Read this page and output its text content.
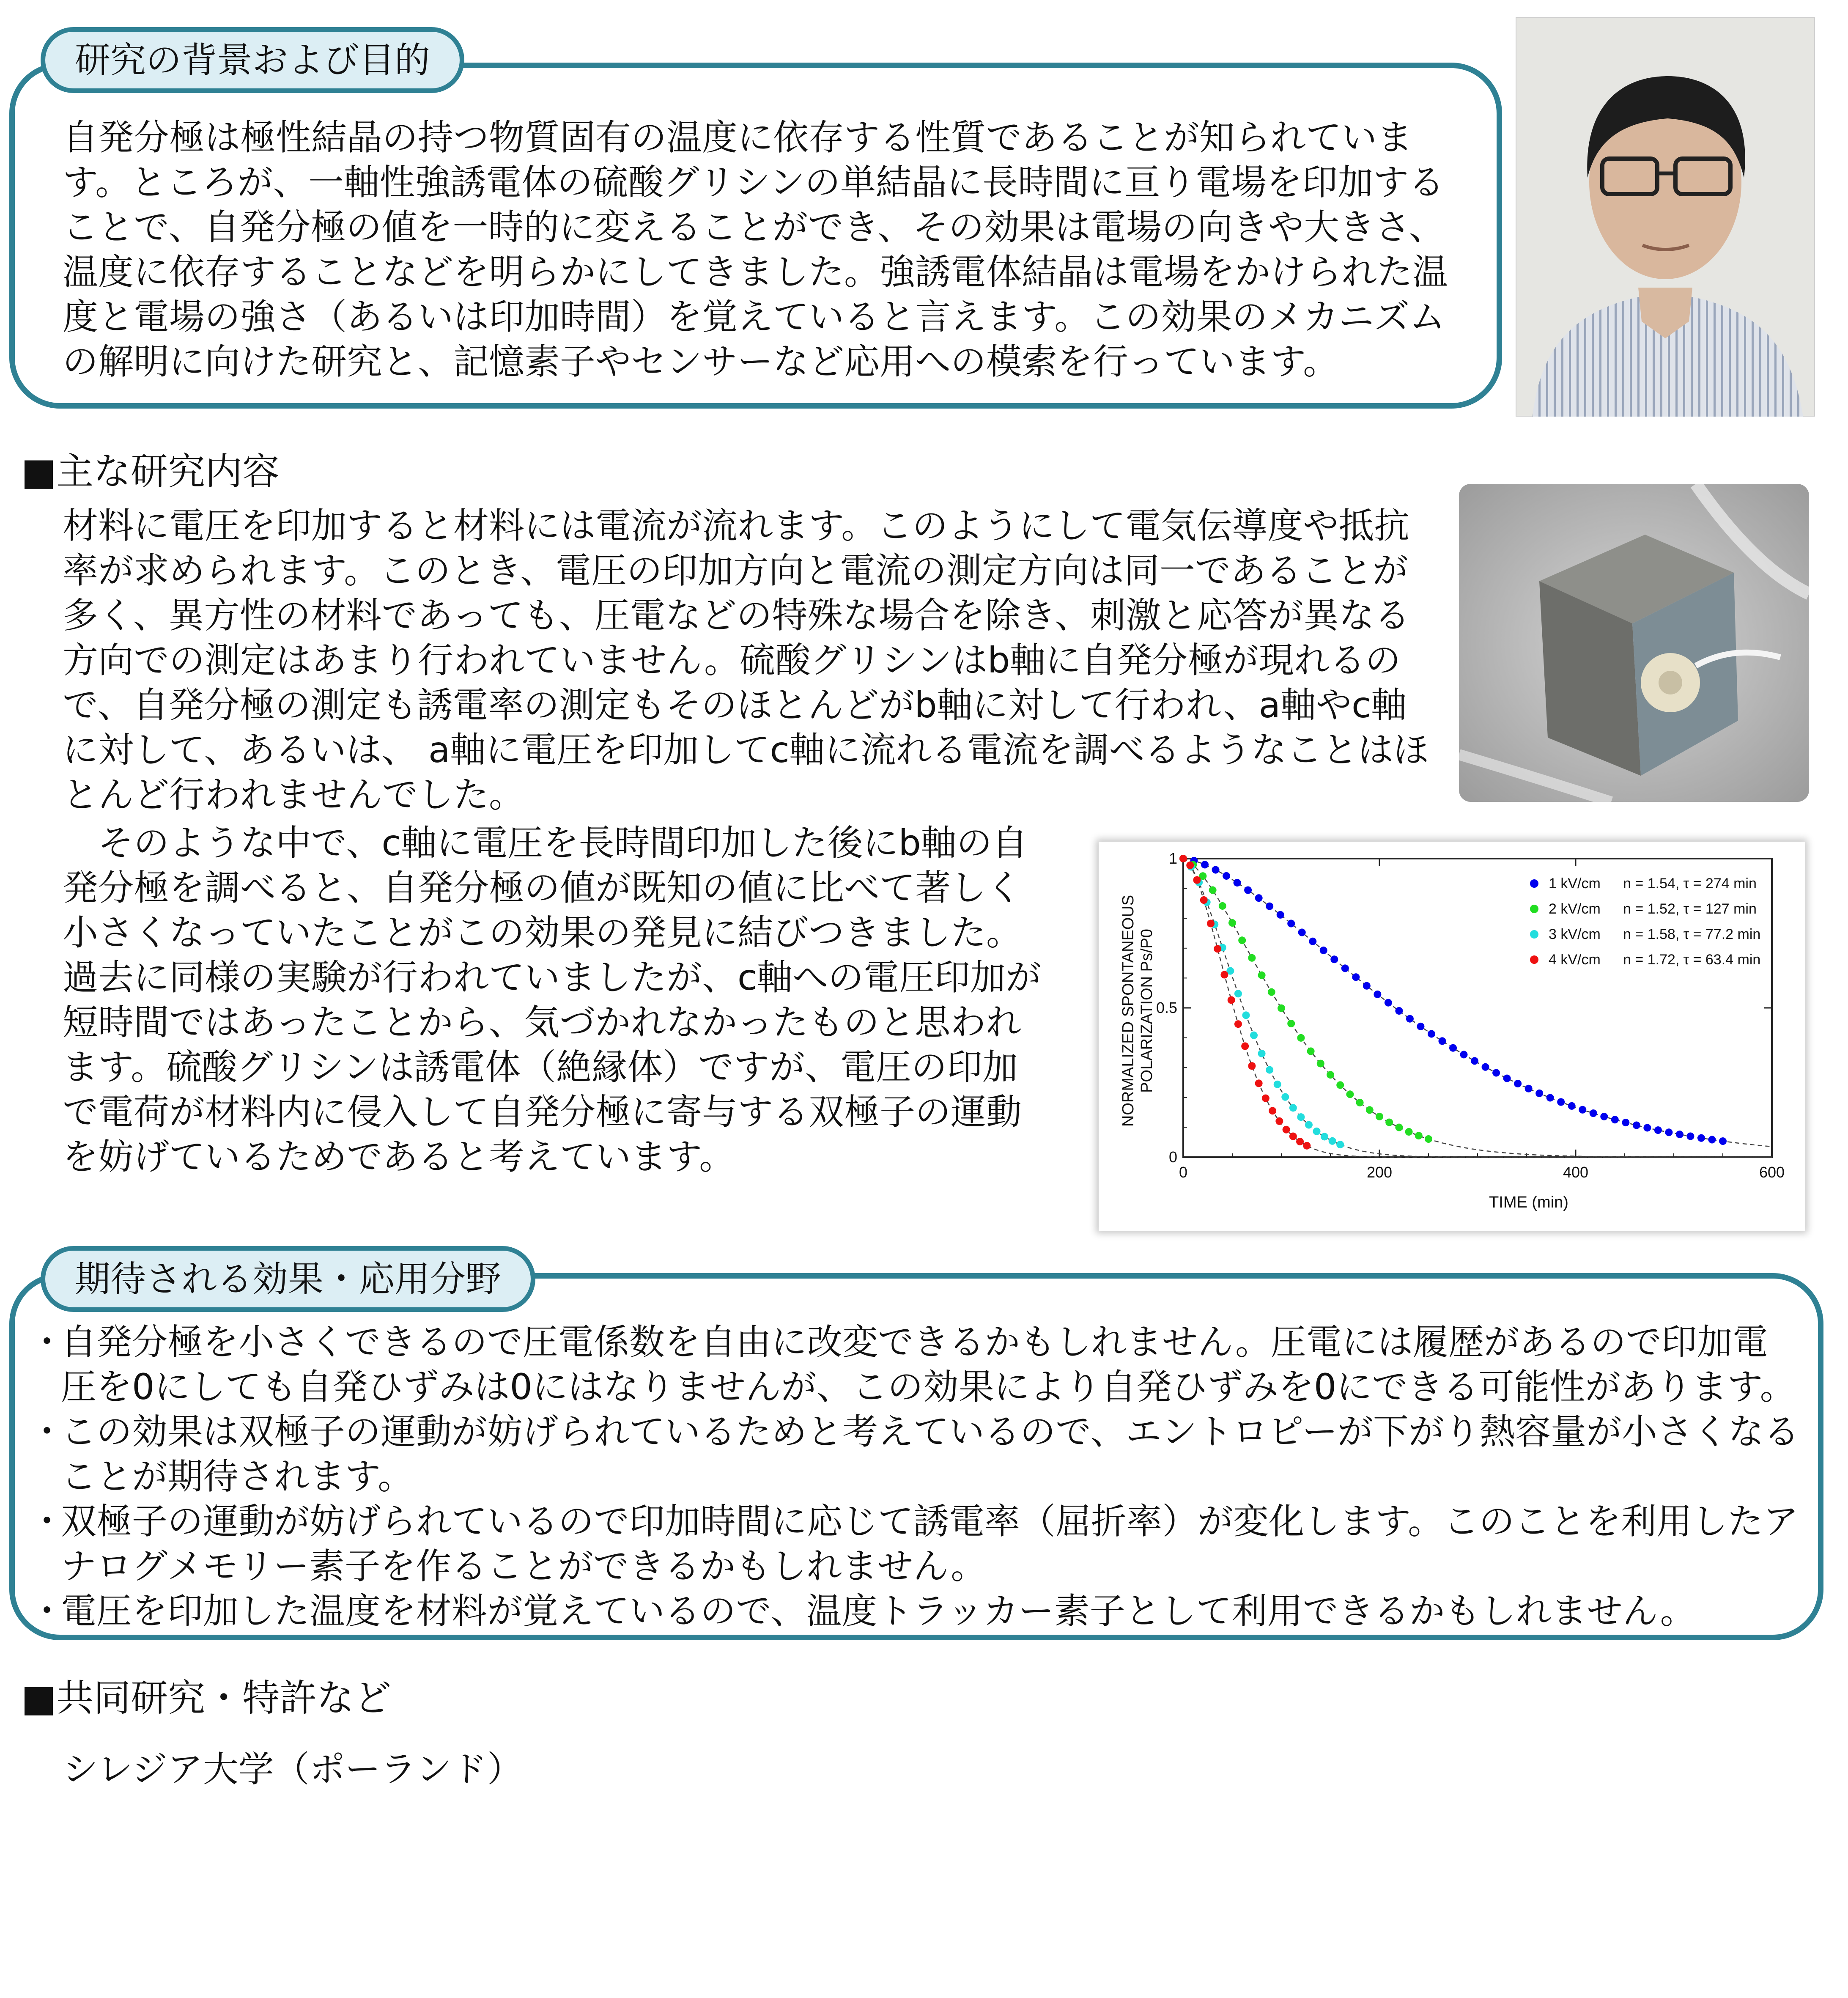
研究の背景および目的

自発分極は極性結晶の持つ物質固有の温度に依存する性質であることが知られています。ところが、一軸性強誘電体の硫酸グリシンの単結晶に長時間に亘り電場を印加することで、自発分極の値を一時的に変えることができ、その効果は電場の向きや大きさ、温度に依存することなどを明らかにしてきました。強誘電体結晶は電場をかけられた温度と電場の強さ（あるいは印加時間）を覚えていると言えます。この効果のメカニズムの解明に向けた研究と、記憶素子やセンサーなど応用への模索を行っています。

■主な研究内容

材料に電圧を印加すると材料には電流が流れます。このようにして電気伝導度や抵抗率が求められます。このとき、電圧の印加方向と電流の測定方向は同一であることが多く、異方性の材料であっても、圧電などの特殊な場合を除き、刺激と応答が異なる方向での測定はあまり行われていません。硫酸グリシンはb軸に自発分極が現れるので、自発分極の測定も誘電率の測定もそのほとんどがb軸に対して行われ、a軸やc軸に対して、あるいは、 a軸に電圧を印加してc軸に流れる電流を調べるようなことはほとんど行われませんでした。

　そのような中で、c軸に電圧を長時間印加した後にb軸の自発分極を調べると、自発分極の値が既知の値に比べて著しく小さくなっていたことがこの効果の発見に結びつきました。過去に同様の実験が行われていましたが、c軸への電圧印加が短時間ではあったことから、気づかれなかったものと思われます。硫酸グリシンは誘電体（絶縁体）ですが、電圧の印加で電荷が材料内に侵入して自発分極に寄与する双極子の運動を妨げているためであると考えています。	0	200	400	600
0
0.5
1
1 kV/cm n = 1.54, τ = 274 min
2 kV/cm n = 1.52, τ = 127 min
3 kV/cm n = 1.58, τ = 77.2 min
4 kV/cm n = 1.72, τ = 63.4 min
TIME (min)
NORMALIZED SPONTANEOUS POLARIZATION Ps/P0
期待される効果・応用分野
･ 自発分極を小さくできるので圧電係数を自由に改変できるかもしれません。圧電には履歴があるので印加電圧を0にしても自発ひずみは0にはなりませんが、この効果により自発ひずみを0にできる可能性があります。
･ この効果は双極子の運動が妨げられているためと考えているので、エントロピーが下がり熱容量が小さくなることが期待されます。
･ 双極子の運動が妨げられているので印加時間に応じて誘電率（屈折率）が変化します。このことを利用したアナログメモリー素子を作ることができるかもしれません。
･ 電圧を印加した温度を材料が覚えているので、温度トラッカー素子として利用できるかもしれません。
■共同研究・特許など

シレジア大学（ポーランド）
